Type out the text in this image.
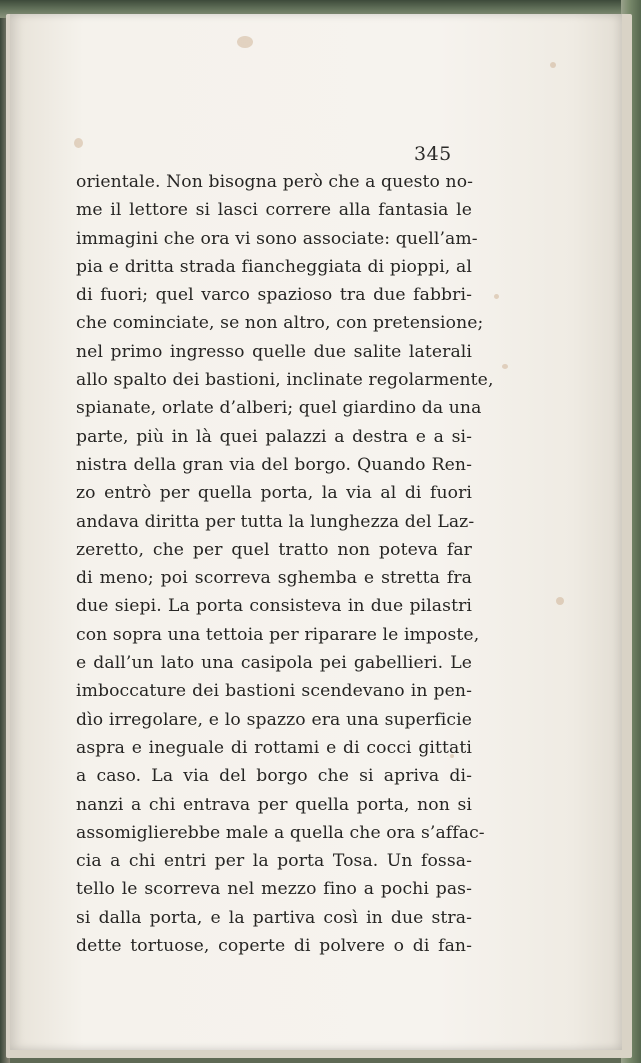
345
orientale. Non bisogna però che a questo no-
me il lettore si lasci correre alla fantasia le
immagini che ora vi sono associate: quell’am-
pia e dritta strada fiancheggiata di pioppi, al
di fuori; quel varco spazioso tra due fabbri-
che cominciate, se non altro, con pretensione;
nel primo ingresso quelle due salite laterali
allo spalto dei bastioni, inclinate regolarmente,
spianate, orlate d’alberi; quel giardino da una
parte, più in là quei palazzi a destra e a si-
nistra della gran via del borgo. Quando Ren-
zo entrò per quella porta, la via al di fuori
andava diritta per tutta la lunghezza del Laz-
zeretto, che per quel tratto non poteva far
di meno; poi scorreva sghemba e stretta fra
due siepi. La porta consisteva in due pilastri
con sopra una tettoia per riparare le imposte,
e dall’un lato una casipola pei gabellieri. Le
imboccature dei bastioni scendevano in pen-
dìo irregolare, e lo spazzo era una superficie
aspra e ineguale di rottami e di cocci gittati
a caso. La via del borgo che si apriva di-
nanzi a chi entrava per quella porta, non si
assomiglierebbe male a quella che ora s’affac-
cia a chi entri per la porta Tosa. Un fossa-
tello le scorreva nel mezzo fino a pochi pas-
si dalla porta, e la partiva così in due stra-
dette tortuose, coperte di polvere o di fan-
